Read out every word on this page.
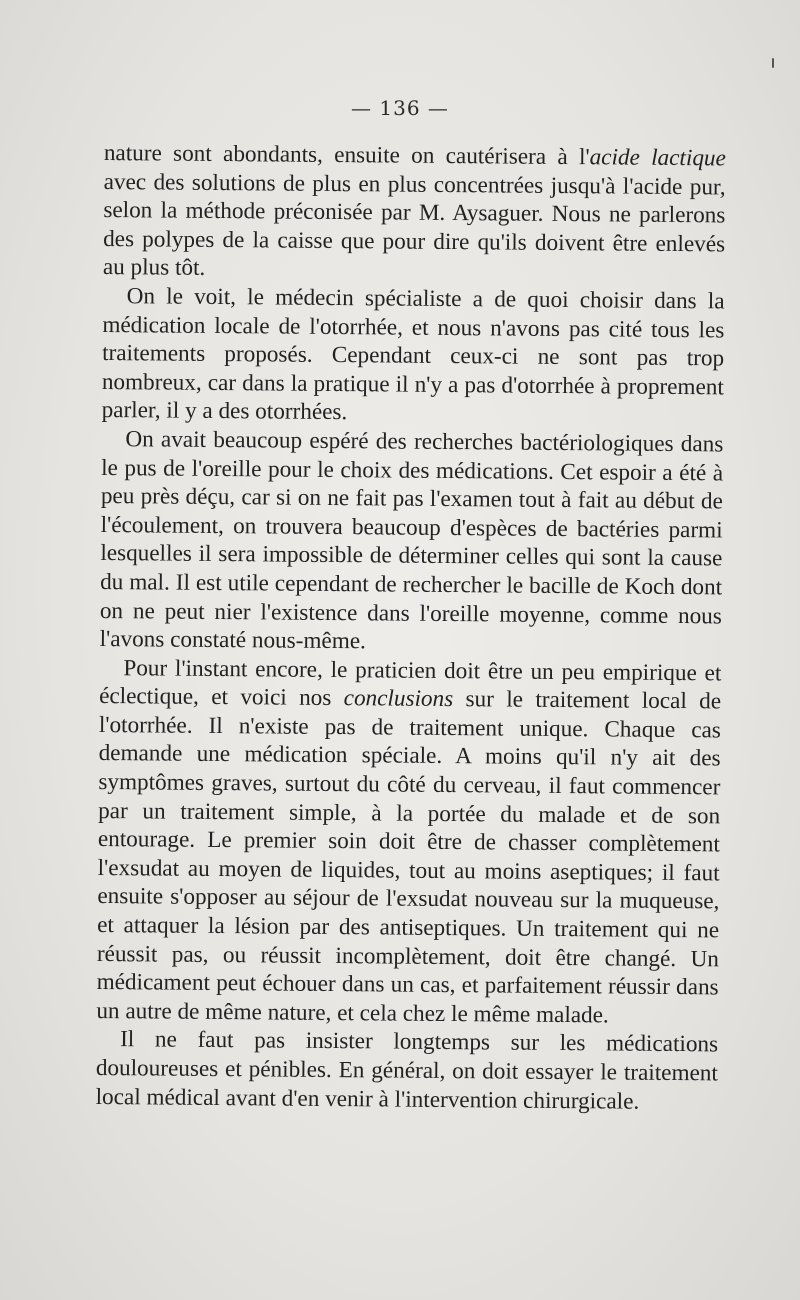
— 136 —

nature sont abondants, ensuite on cautérisera à l'acide lactique avec des solutions de plus en plus concentrées jusqu'à l'acide pur, selon la méthode préconisée par M. Aysaguer. Nous ne parlerons des polypes de la caisse que pour dire qu'ils doivent être enlevés au plus tôt.

On le voit, le médecin spécialiste a de quoi choisir dans la médication locale de l'otorrhée, et nous n'avons pas cité tous les traitements proposés. Cependant ceux-ci ne sont pas trop nombreux, car dans la pratique il n'y a pas d'otorrhée à proprement parler, il y a des otorrhées.

On avait beaucoup espéré des recherches bactériologiques dans le pus de l'oreille pour le choix des médications. Cet espoir a été à peu près déçu, car si on ne fait pas l'examen tout à fait au début de l'écoulement, on trouvera beaucoup d'espèces de bactéries parmi lesquelles il sera impossible de déterminer celles qui sont la cause du mal. Il est utile cependant de rechercher le bacille de Koch dont on ne peut nier l'existence dans l'oreille moyenne, comme nous l'avons constaté nous-même.

Pour l'instant encore, le praticien doit être un peu empirique et éclectique, et voici nos conclusions sur le traitement local de l'otorrhée. Il n'existe pas de traitement unique. Chaque cas demande une médication spéciale. A moins qu'il n'y ait des symptômes graves, surtout du côté du cerveau, il faut commencer par un traitement simple, à la portée du malade et de son entourage. Le premier soin doit être de chasser complètement l'exsudat au moyen de liquides, tout au moins aseptiques; il faut ensuite s'opposer au séjour de l'exsudat nouveau sur la muqueuse, et attaquer la lésion par des antiseptiques. Un traitement qui ne réussit pas, ou réussit incomplètement, doit être changé. Un médicament peut échouer dans un cas, et parfaitement réussir dans un autre de même nature, et cela chez le même malade.

Il ne faut pas insister longtemps sur les médications douloureuses et pénibles. En général, on doit essayer le traitement local médical avant d'en venir à l'intervention chirurgicale.
